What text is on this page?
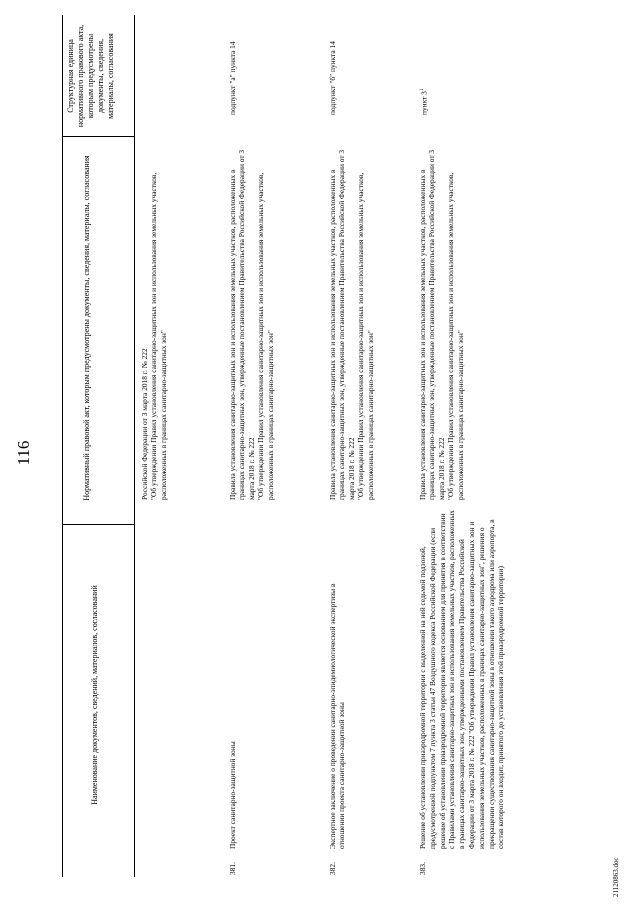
116
Наименование документов, сведений, материалов, согласований
Нормативный правовой акт, которым предусмотрены документы, сведения, материалы, согласования
Структурная единица нормативного правового акта, которым предусмотрены документы, сведения, материалы, согласования
Российской Федерации от 3 марта 2018 г. № 222
"Об утверждении Правил установления санитарно-защитных зон и использования земельных участков, расположенных в границах санитарно-защитных зон"
381.
Проект санитарно-защитной зоны
Правила установления санитарно-защитных зон и использования земельных участков, расположенных в границах санитарно-защитных зон, утвержденные постановлением Правительства Российской Федерации от 3 марта 2018 г. № 222
"Об утверждении Правил установления санитарно-защитных зон и использования земельных участков, расположенных в границах санитарно-защитных зон"
подпункт "а" пункта 14
382.
Экспертное заключение о проведении санитарно-эпидемиологической экспертизы в отношении проекта санитарно-защитной зоны
Правила установления санитарно-защитных зон и использования земельных участков, расположенных в границах санитарно-защитных зон, утвержденные постановлением Правительства Российской Федерации от 3 марта 2018 г. № 222
"Об утверждении Правил установления санитарно-защитных зон и использования земельных участков, расположенных в границах санитарно-защитных зон"
подпункт "б" пункта 14
383.
Решение об установлении приаэродромной территории с выделенной на ней седьмой подзоной, предусмотренной подпунктом 7 пункта 3 статьи 47 Воздушного кодекса Российской Федерации (если решение об установлении приаэродромной территории является основанием для принятия в соответствии с Правилами установления санитарно-защитных зон и использования земельных участков, расположенных в границах санитарно-защитных зон, утвержденными постановлением Правительства Российской Федерации от 3 марта 2018 г. № 222 "Об утверждении Правил установления санитарно-защитных зон и использования земельных участков, расположенных в границах санитарно-защитных зон", решения о прекращении существования санитарно-защитной зоны в отношении такого аэродрома или аэропорта, в состав которого он входит, принятого до установления этой приаэродромной территории)
Правила установления санитарно-защитных зон и использования земельных участков, расположенных в границах санитарно-защитных зон, утвержденные постановлением Правительства Российской Федерации от 3 марта 2018 г. № 222
"Об утверждении Правил установления санитарно-защитных зон и использования земельных участков, расположенных в границах санитарно-защитных зон"
пункт $3^1$
21120863.doc
